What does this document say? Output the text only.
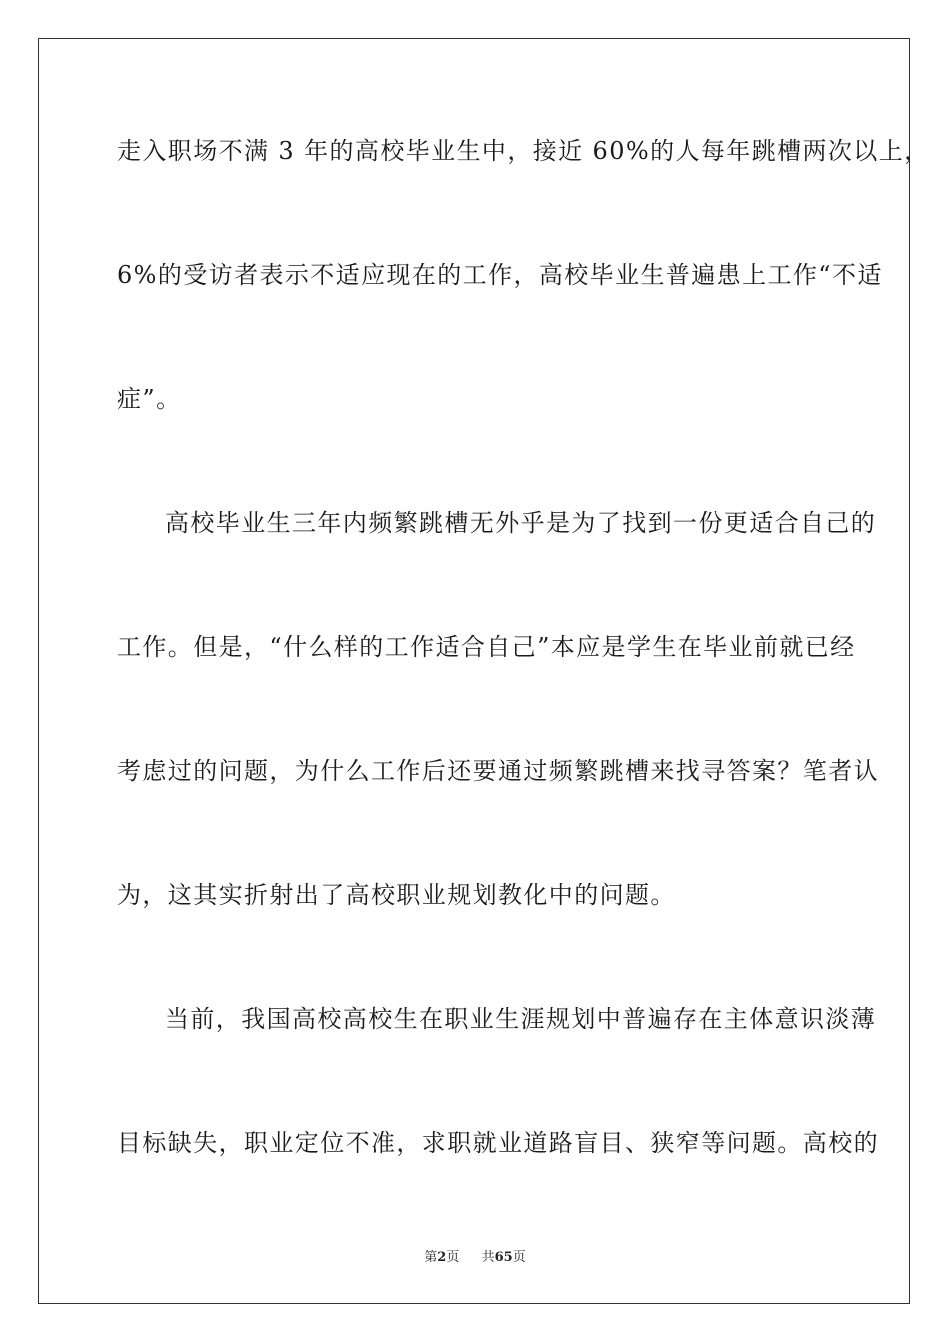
走入职场不满 3 年的高校毕业生中，接近 60%的人每年跳槽两次以上，
6%的受访者表示不适应现在的工作，高校毕业生普遍患上工作“不适
症”。
高校毕业生三年内频繁跳槽无外乎是为了找到一份更适合自己的
工作。但是，“什么样的工作适合自己”本应是学生在毕业前就已经
考虑过的问题，为什么工作后还要通过频繁跳槽来找寻答案？笔者认
为，这其实折射出了高校职业规划教化中的问题。
当前，我国高校高校生在职业生涯规划中普遍存在主体意识淡薄
目标缺失，职业定位不准，求职就业道路盲目、狭窄等问题。高校的
第2页 共65页
